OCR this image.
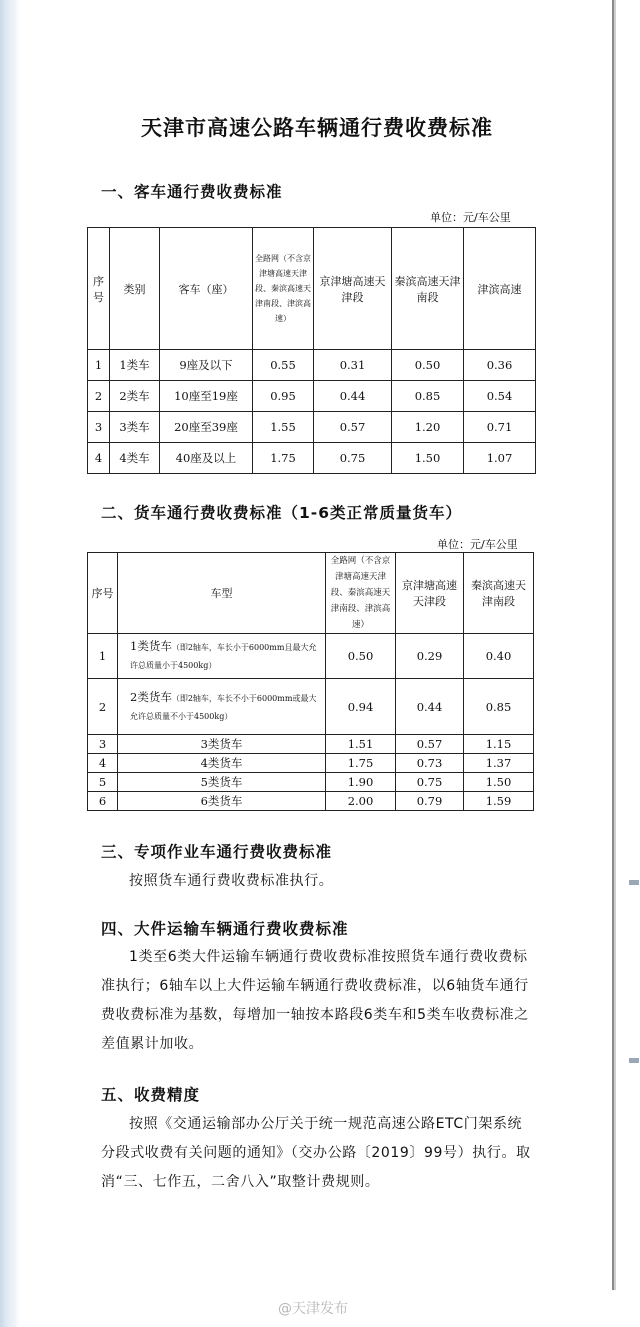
天津市高速公路车辆通行费收费标准
一、客车通行费收费标准
单位：元/车公里
序号	类别	客车（座）	全路网（不含京津塘高速天津段、秦滨高速天津南段、津滨高速）	京津塘高速天津段	秦滨高速天津南段	津滨高速
1	1类车	9座及以下	0.55	0.31	0.50	0.36
2	2类车	10座至19座	0.95	0.44	0.85	0.54
3	3类车	20座至39座	1.55	0.57	1.20	0.71
4	4类车	40座及以上	1.75	0.75	1.50	1.07
二、货车通行费收费标准（1-6类正常质量货车）
单位：元/车公里
序号	车型	全路网（不含京津塘高速天津段、秦滨高速天津南段、津滨高速）	京津塘高速天津段	秦滨高速天津南段
1	1类货车（即2轴车，车长小于6000mm且最大允许总质量小于4500kg）	0.50	0.29	0.40
2	2类货车（即2轴车，车长不小于6000mm或最大允许总质量不小于4500kg）	0.94	0.44	0.85
3	3类货车	1.51	0.57	1.15
4	4类货车	1.75	0.73	1.37
5	5类货车	1.90	0.75	1.50
6	6类货车	2.00	0.79	1.59
三、专项作业车通行费收费标准
按照货车通行费收费标准执行。
四、大件运输车辆通行费收费标准
1类至6类大件运输车辆通行费收费标准按照货车通行费收费标准执行；6轴车以上大件运输车辆通行费收费标准，以6轴货车通行费收费标准为基数，每增加一轴按本路段6类车和5类车收费标准之差值累计加收。
五、收费精度
按照《交通运输部办公厅关于统一规范高速公路ETC门架系统分段式收费有关问题的通知》（交办公路〔2019〕99号）执行。取消“三、七作五，二舍八入”取整计费规则。
@天津发布
